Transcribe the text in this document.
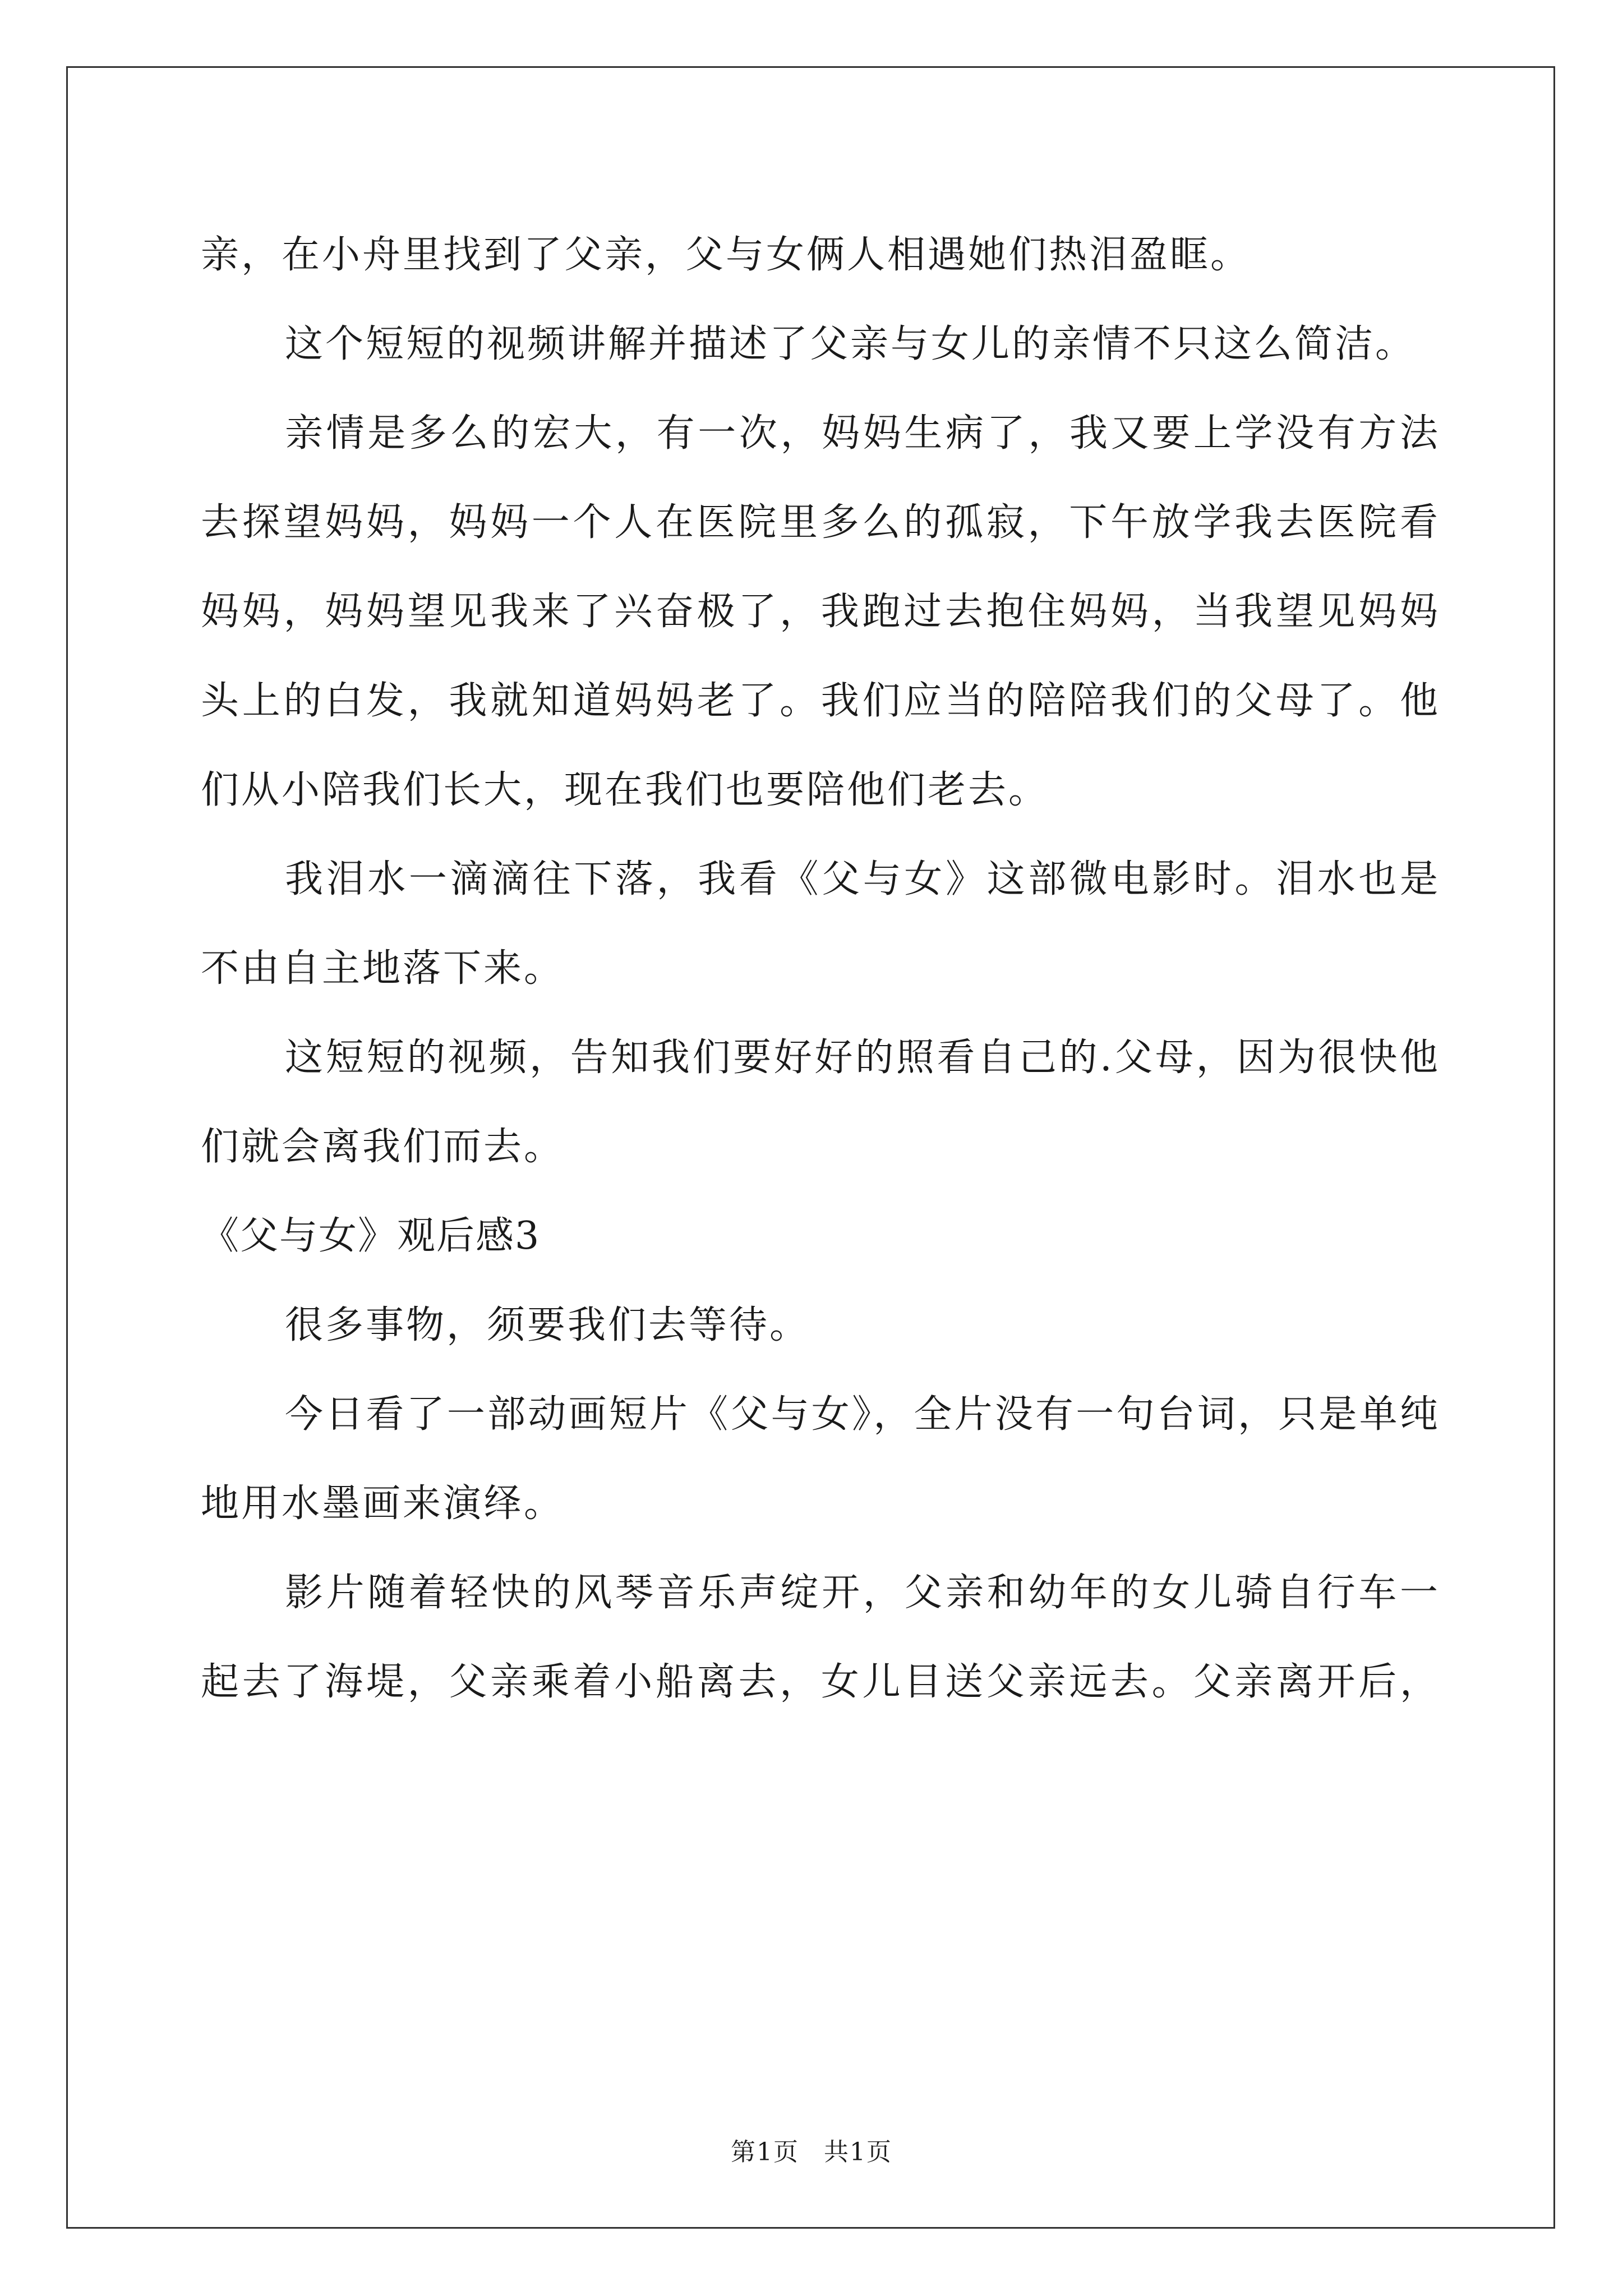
亲，在小舟里找到了父亲，父与女俩人相遇她们热泪盈眶。
这个短短的视频讲解并描述了父亲与女儿的亲情不只这么简洁。
亲情是多么的宏大，有一次，妈妈生病了，我又要上学没有方法
去探望妈妈，妈妈一个人在医院里多么的孤寂，下午放学我去医院看
妈妈，妈妈望见我来了兴奋极了，我跑过去抱住妈妈，当我望见妈妈
头上的白发，我就知道妈妈老了。我们应当的陪陪我们的父母了。他
们从小陪我们长大，现在我们也要陪他们老去。
我泪水一滴滴往下落，我看《父与女》这部微电影时。泪水也是
不由自主地落下来。
这短短的视频，告知我们要好好的照看自己的.父母，因为很快他
们就会离我们而去。
《父与女》观后感3
很多事物，须要我们去等待。
今日看了一部动画短片《父与女》，全片没有一句台词，只是单纯
地用水墨画来演绎。
影片随着轻快的风琴音乐声绽开，父亲和幼年的女儿骑自行车一
起去了海堤，父亲乘着小船离去，女儿目送父亲远去。父亲离开后，
第1页 共1页
